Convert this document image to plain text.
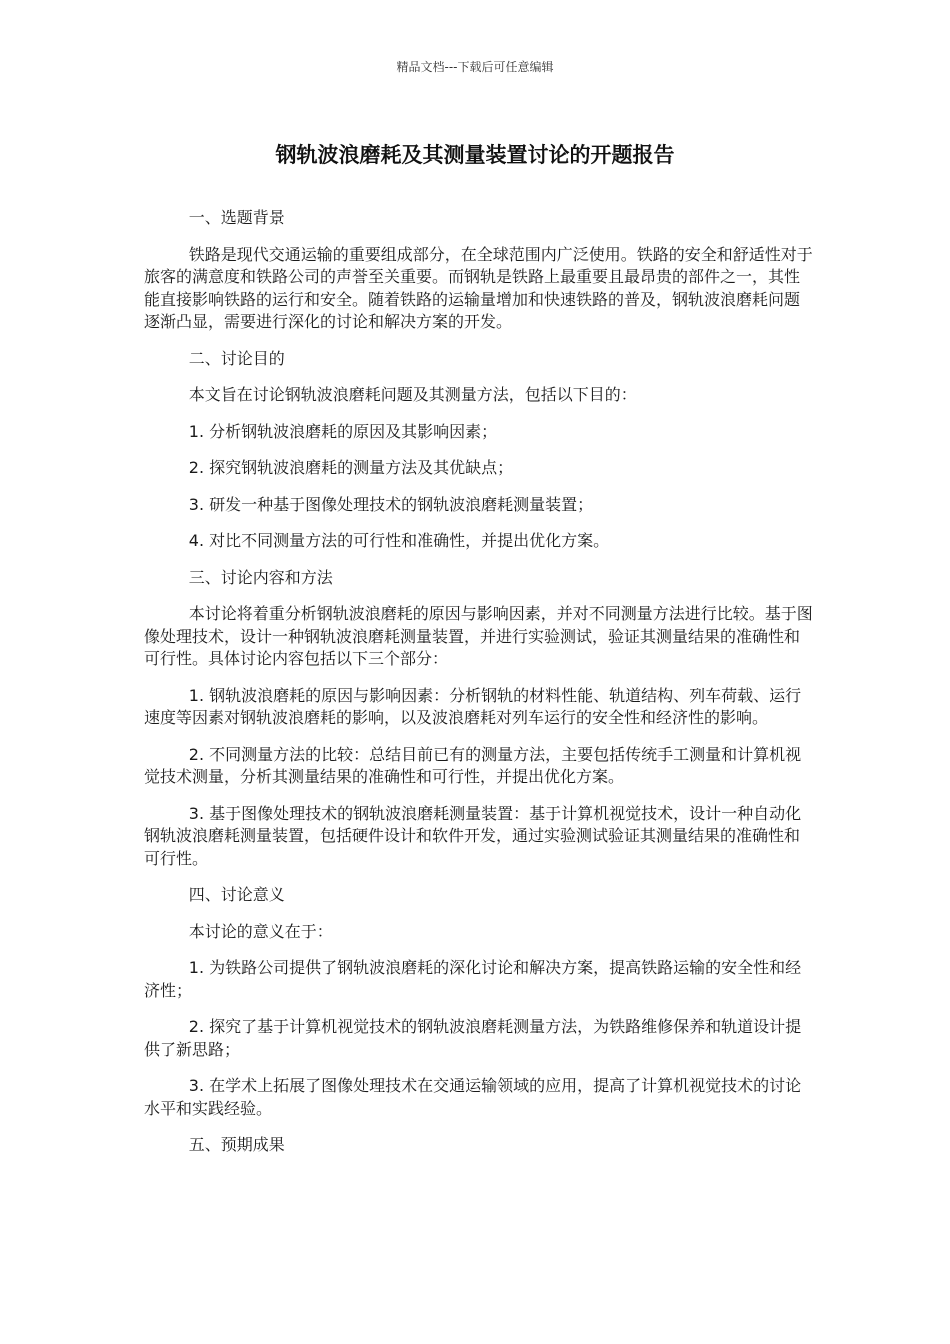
精品文档---下载后可任意编辑
钢轨波浪磨耗及其测量装置讨论的开题报告

一、选题背景

铁路是现代交通运输的重要组成部分，在全球范围内广泛使用。铁路的安全和舒适性对于旅客的满意度和铁路公司的声誉至关重要。而钢轨是铁路上最重要且最昂贵的部件之一，其性能直接影响铁路的运行和安全。随着铁路的运输量增加和快速铁路的普及，钢轨波浪磨耗问题逐渐凸显，需要进行深化的讨论和解决方案的开发。

二、讨论目的

本文旨在讨论钢轨波浪磨耗问题及其测量方法，包括以下目的：

1. 分析钢轨波浪磨耗的原因及其影响因素；

2. 探究钢轨波浪磨耗的测量方法及其优缺点；

3. 研发一种基于图像处理技术的钢轨波浪磨耗测量装置；

4. 对比不同测量方法的可行性和准确性，并提出优化方案。

三、讨论内容和方法

本讨论将着重分析钢轨波浪磨耗的原因与影响因素，并对不同测量方法进行比较。基于图像处理技术，设计一种钢轨波浪磨耗测量装置，并进行实验测试，验证其测量结果的准确性和可行性。具体讨论内容包括以下三个部分：

1. 钢轨波浪磨耗的原因与影响因素：分析钢轨的材料性能、轨道结构、列车荷载、运行速度等因素对钢轨波浪磨耗的影响，以及波浪磨耗对列车运行的安全性和经济性的影响。

2. 不同测量方法的比较：总结目前已有的测量方法，主要包括传统手工测量和计算机视觉技术测量，分析其测量结果的准确性和可行性，并提出优化方案。

3. 基于图像处理技术的钢轨波浪磨耗测量装置：基于计算机视觉技术，设计一种自动化钢轨波浪磨耗测量装置，包括硬件设计和软件开发，通过实验测试验证其测量结果的准确性和可行性。

四、讨论意义

本讨论的意义在于：

1. 为铁路公司提供了钢轨波浪磨耗的深化讨论和解决方案，提高铁路运输的安全性和经济性；

2. 探究了基于计算机视觉技术的钢轨波浪磨耗测量方法，为铁路维修保养和轨道设计提供了新思路；

3. 在学术上拓展了图像处理技术在交通运输领域的应用，提高了计算机视觉技术的讨论水平和实践经验。

五、预期成果
